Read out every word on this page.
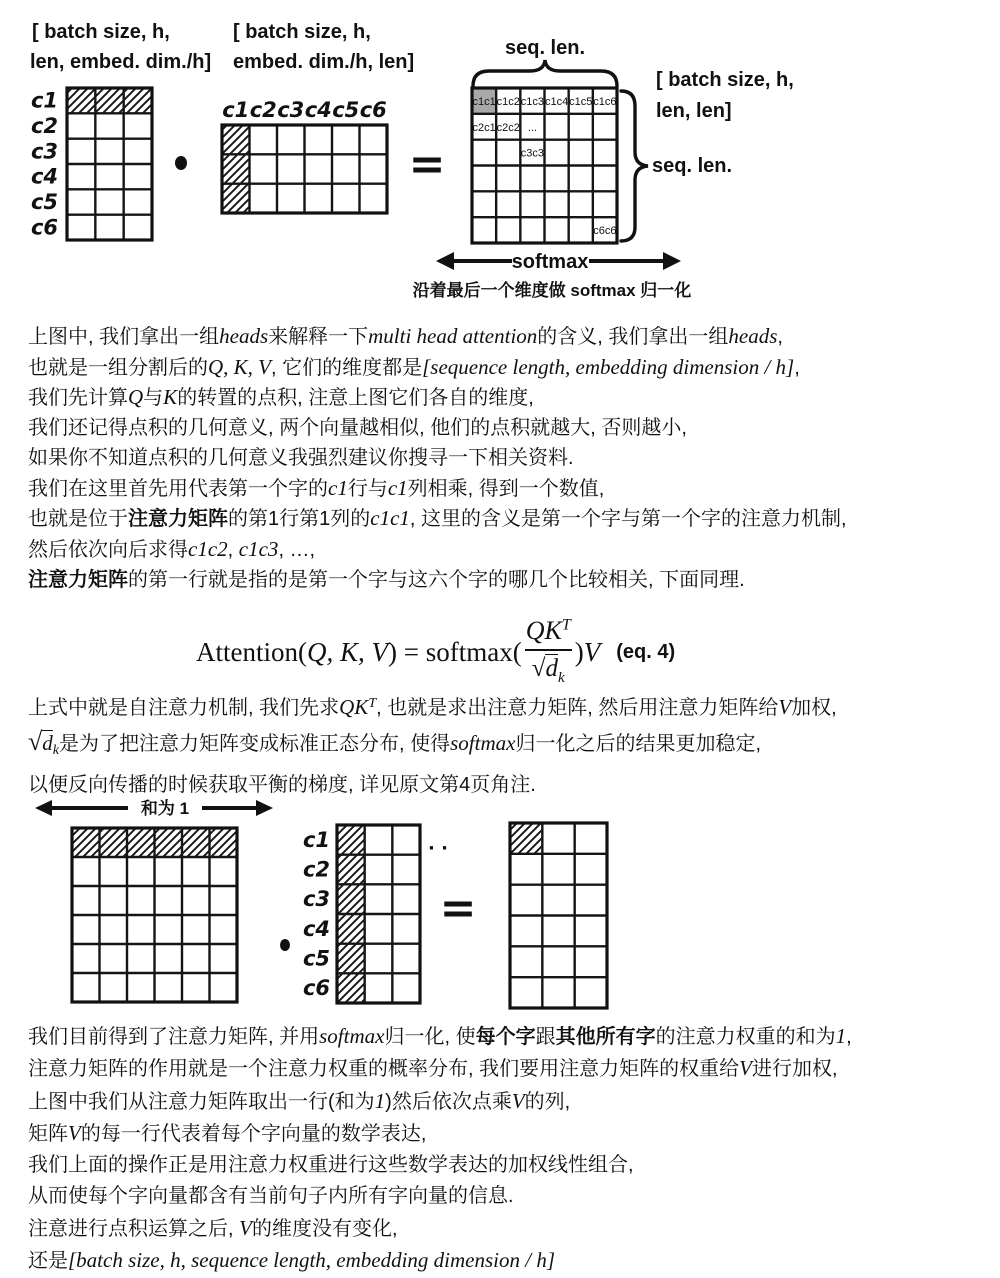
[ batch size, h,
len, embed. dim./h]
[ batch size, h,
embed. dim./h, len]
=
seq. len.
[ batch size, h,
len, len]
seq. len.
softmax
沿着最后一个维度做 softmax 归一化
c1
c2
c3
c4
c5
c6
c1 c2 c3 c4 c5 c6	c1c1 c1c2 c1c3 c1c4 c1c5 c1c6
c2c1 c2c2 ...
c3c3
c6c6
上图中, 我们拿出一组heads来解释一下multi head attention的含义, 我们拿出一组heads,
也就是一组分割后的Q, K, V, 它们的维度都是[sequence length, embedding dimension / h],
我们先计算Q与K的转置的点积, 注意上图它们各自的维度,
我们还记得点积的几何意义, 两个向量越相似, 他们的点积就越大, 否则越小,
如果你不知道点积的几何意义我强烈建议你搜寻一下相关资料.
我们在这里首先用代表第一个字的c1行与c1列相乘, 得到一个数值,
也就是位于注意力矩阵的第1行第1列的c1c1, 这里的含义是第一个字与第一个字的注意力机制,
然后依次向后求得c1c2, c1c3, …,
注意力矩阵的第一行就是指的是第一个字与这六个字的哪几个比较相关, 下面同理.
Attention( Q, K, V ) = softmax( $\frac{QK^T}{√d_k}$ ) V (eq. 4)
上式中就是自注意力机制, 我们先求$QK^T$, 也就是求出注意力矩阵, 然后用注意力矩阵给V加权,
$√d_k$是为了把注意力矩阵变成标准正态分布, 使得softmax归一化之后的结果更加稳定,
以便反向传播的时候获取平衡的梯度, 详见原文第4页角注.
和为 1
· ·
=
c1
c2
c3
c4
c5
c6
我们目前得到了注意力矩阵, 并用softmax归一化, 使每个字跟其他所有字的注意力权重的和为1,
注意力矩阵的作用就是一个注意力权重的概率分布, 我们要用注意力矩阵的权重给V进行加权,
上图中我们从注意力矩阵取出一行(和为1)然后依次点乘V的列,
矩阵V的每一行代表着每个字向量的数学表达,
我们上面的操作正是用注意力权重进行这些数学表达的加权线性组合,
从而使每个字向量都含有当前句子内所有字向量的信息.
注意进行点积运算之后, V的维度没有变化,
还是[batch size, h, sequence length, embedding dimension / h]
